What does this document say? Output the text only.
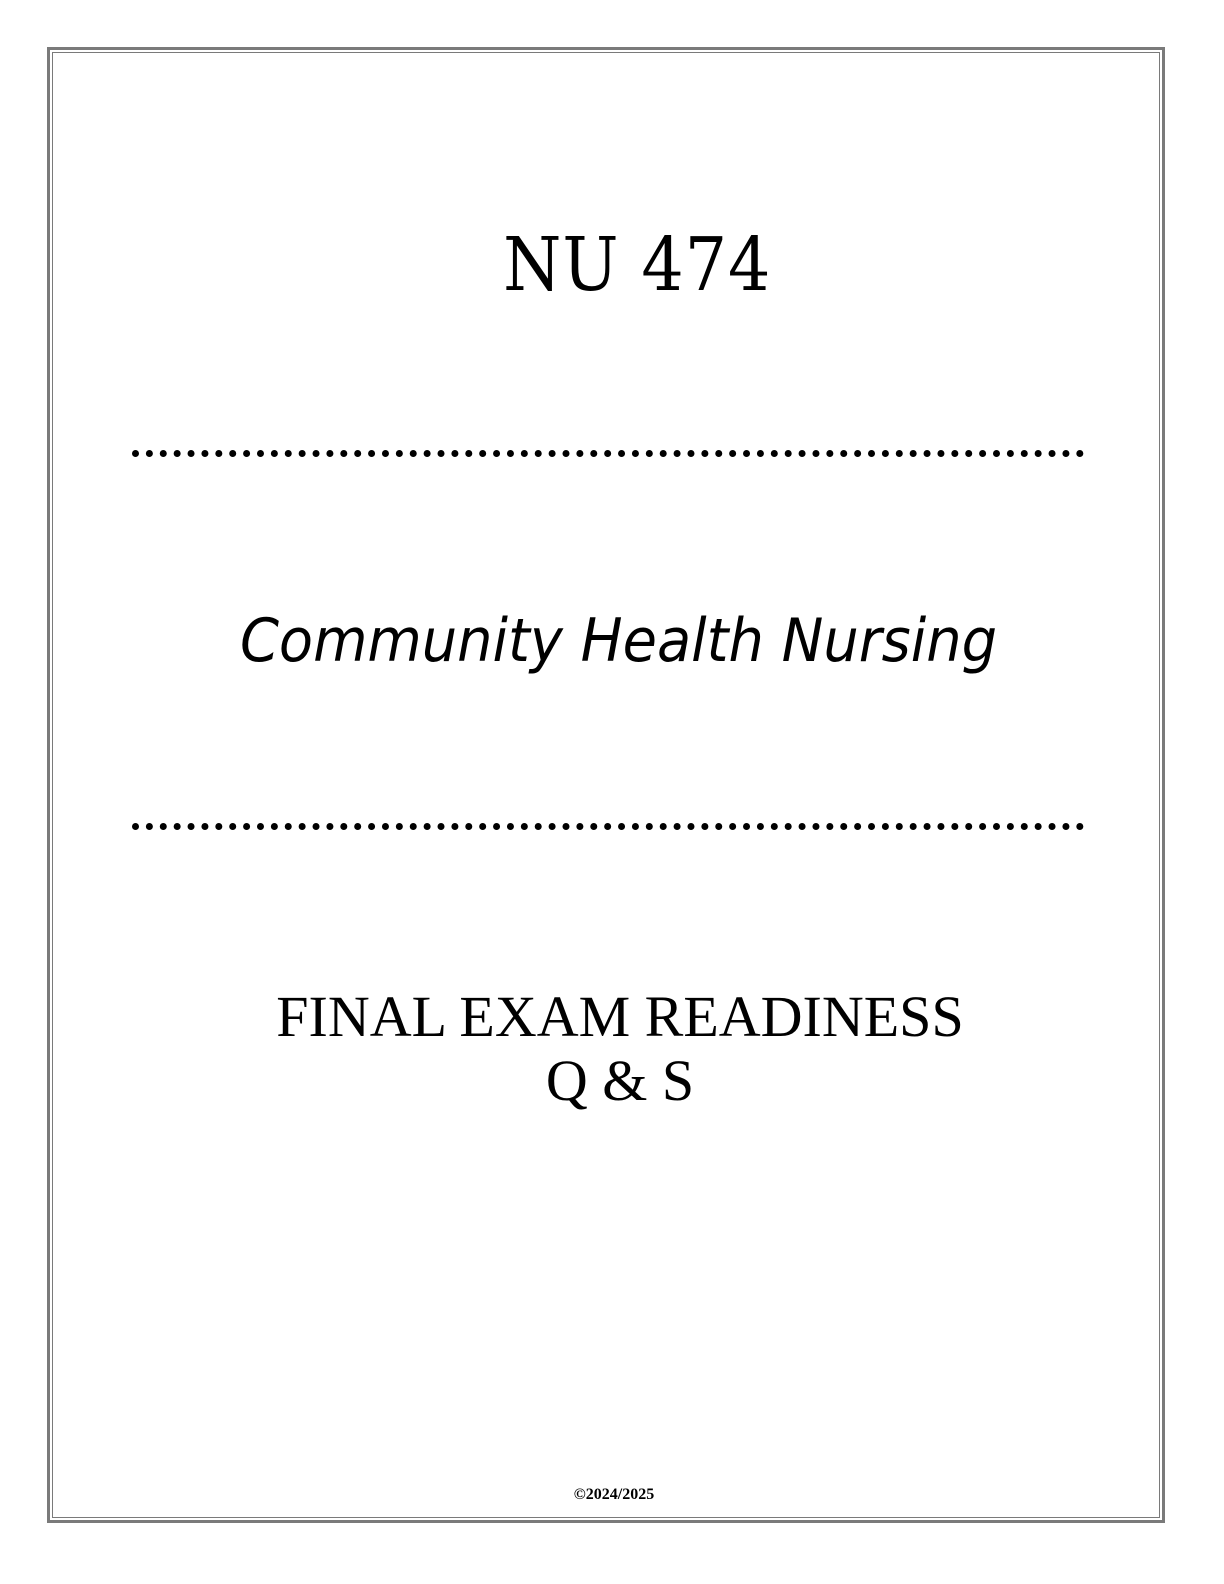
NU 474
Community Health Nursing
FINAL EXAM READINESS
Q & S
©2024/2025
